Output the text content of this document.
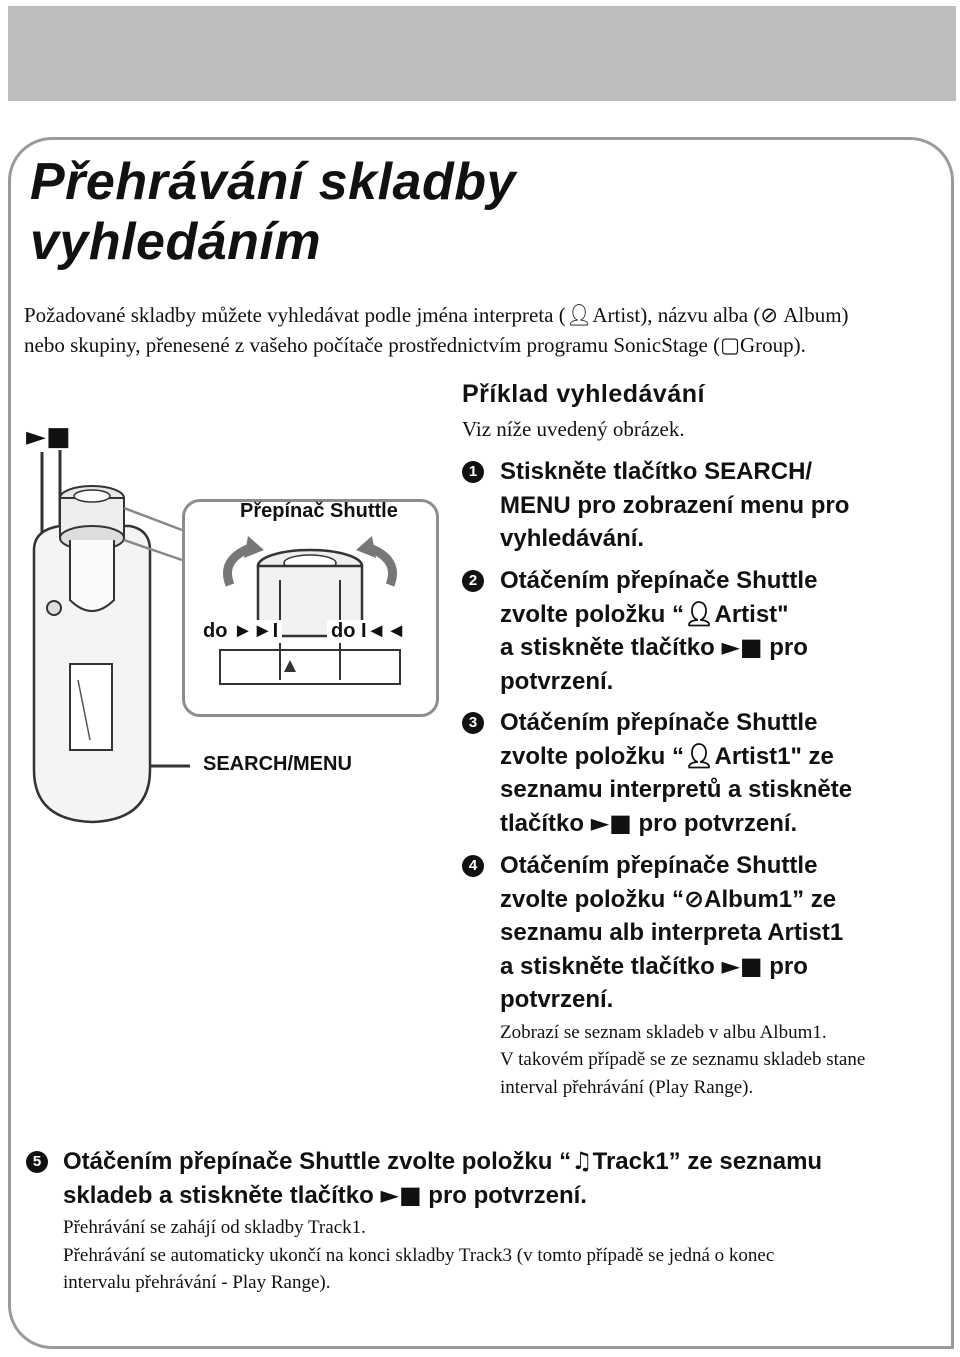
Přehrávání skladby
vyhledáním
Požadované skladby můžete vyhledávat podle jména interpreta (👤︎Artist), názvu alba (⊘ Album)
nebo skupiny, přenesené z vašeho počítače prostřednictvím programu SonicStage (▢Group).
►■
Přepínač Shuttle
do ►►I	do I◄◄
SEARCH/MENU
Příklad vyhledávání
Viz níže uvedený obrázek.
1 Stiskněte tlačítko SEARCH/
MENU pro zobrazení menu pro
vyhledávání.
2 Otáčením přepínače Shuttle
zvolte položku “👤︎Artist"
a stiskněte tlačítko ►■ pro
potvrzení.
3 Otáčením přepínače Shuttle
zvolte položku “👤︎Artist1" ze
seznamu interpretů a stiskněte
tlačítko ►■ pro potvrzení.
4 Otáčením přepínače Shuttle
zvolte položku “⊘Album1” ze
seznamu alb interpreta Artist1
a stiskněte tlačítko ►■ pro
potvrzení.
Zobrazí se seznam skladeb v albu Album1.
V takovém případě se ze seznamu skladeb stane
interval přehrávání (Play Range).
5 Otáčením přepínače Shuttle zvolte položku “♫Track1” ze seznamu
skladeb a stiskněte tlačítko ►■ pro potvrzení.
Přehrávání se zahájí od skladby Track1.
Přehrávání se automaticky ukončí na konci skladby Track3 (v tomto případě se jedná o konec
intervalu přehrávání - Play Range).
